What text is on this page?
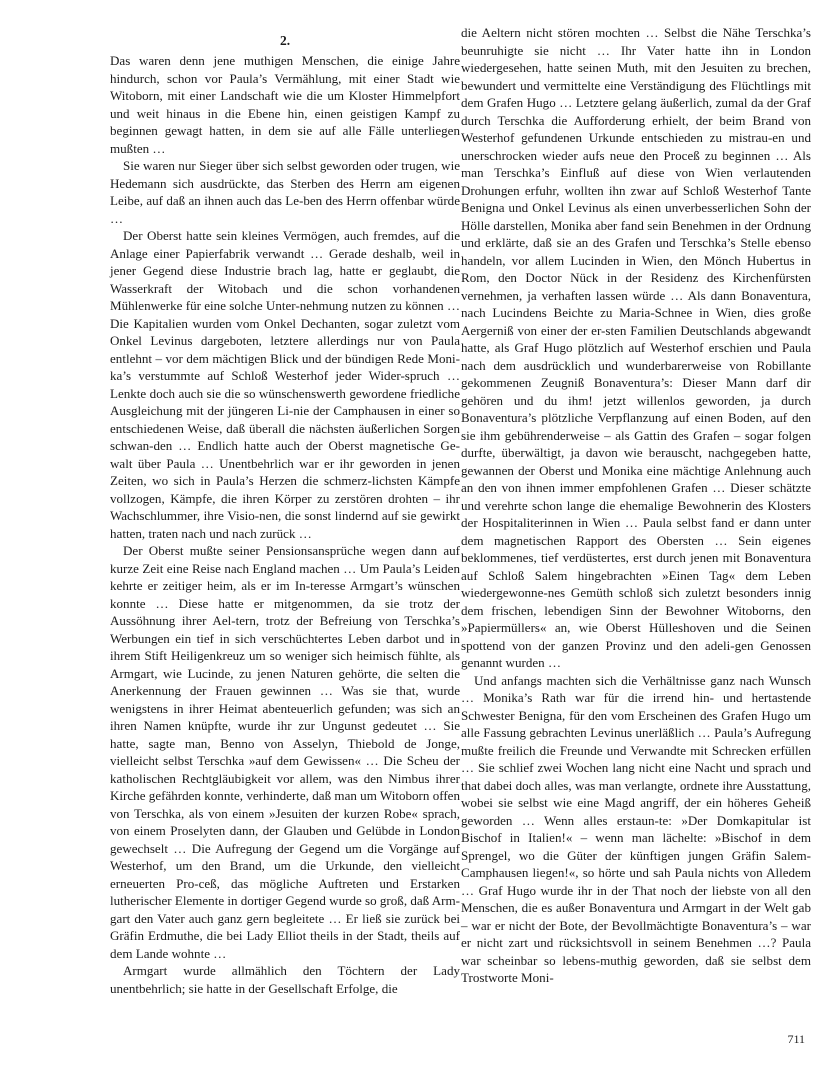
2.

Das waren denn jene muthigen Menschen, die einige Jahre hindurch, schon vor Paula’s Vermählung, mit einer Stadt wie Witoborn, mit einer Landschaft wie die um Kloster Himmelpfort und weit hinaus in die Ebene hin, einen geistigen Kampf zu beginnen gewagt hatten, in dem sie auf alle Fälle unterliegen mußten …

Sie waren nur Sieger über sich selbst geworden oder trugen, wie Hedemann sich ausdrückte, das Sterben des Herrn am eigenen Leibe, auf daß an ihnen auch das Le-ben des Herrn offenbar würde …

Der Oberst hatte sein kleines Vermögen, auch fremdes, auf die Anlage einer Papierfabrik verwandt … Gerade deshalb, weil in jener Gegend diese Industrie brach lag, hatte er geglaubt, die Wasserkraft der Witobach und die schon vorhandenen Mühlenwerke für eine solche Unter-nehmung nutzen zu können … Die Kapitalien wurden vom Onkel Dechanten, sogar zuletzt vom Onkel Levinus dargeboten, letztere allerdings nur von Paula entlehnt – vor dem mächtigen Blick und der bündigen Rede Moni-ka’s verstummte auf Schloß Westerhof jeder Wider-spruch … Lenkte doch auch sie die so wünschenswerth gewordene friedliche Ausgleichung mit der jüngeren Li-nie der Camphausen in einer so entschiedenen Weise, daß überall die nächsten äußerlichen Sorgen schwan-den … Endlich hatte auch der Oberst magnetische Ge-walt über Paula … Unentbehrlich war er ihr geworden in jenen Zeiten, wo sich in Paula’s Herzen die schmerz-lichsten Kämpfe vollzogen, Kämpfe, die ihren Körper zu zerstören drohten – ihr Wachschlummer, ihre Visio-nen, die sonst lindernd auf sie gewirkt hatten, traten nach und nach zurück …

Der Oberst mußte seiner Pensionsansprüche wegen dann auf kurze Zeit eine Reise nach England machen … Um Paula’s Leiden kehrte er zeitiger heim, als er im In-teresse Armgart’s wünschen konnte … Diese hatte er mitgenommen, da sie trotz der Aussöhnung ihrer Ael-tern, trotz der Befreiung von Terschka’s Werbungen ein tief in sich verschüchtertes Leben darbot und in ihrem Stift Heiligenkreuz um so weniger sich heimisch fühlte, als Armgart, wie Lucinde, zu jenen Naturen gehörte, die selten die Anerkennung der Frauen gewinnen … Was sie that, wurde wenigstens in ihrer Heimat abenteuerlich gefunden; was sich an ihren Namen knüpfte, wurde ihr zur Ungunst gedeutet … Sie hatte, sagte man, Benno von Asselyn, Thiebold de Jonge, vielleicht selbst Terschka »auf dem Gewissen« … Die Scheu der katholischen Rechtgläubigkeit vor allem, was den Nimbus ihrer Kirche gefährden konnte, verhinderte, daß man um Witoborn offen von Terschka, als von einem »Jesuiten der kurzen Robe« sprach, von einem Proselyten dann, der Glauben und Gelübde in London gewechselt … Die Aufregung der Gegend um die Vorgänge auf Westerhof, um den Brand, um die Urkunde, den vielleicht erneuerten Pro-ceß, das mögliche Auftreten und Erstarken lutherischer Elemente in dortiger Gegend wurde so groß, daß Arm-gart den Vater auch ganz gern begleitete … Er ließ sie zurück bei Gräfin Erdmuthe, die bei Lady Elliot theils in der Stadt, theils auf dem Lande wohnte …

Armgart wurde allmählich den Töchtern der Lady unentbehrlich; sie hatte in der Gesellschaft Erfolge, die

die Aeltern nicht stören mochten … Selbst die Nähe Terschka’s beunruhigte sie nicht … Ihr Vater hatte ihn in London wiedergesehen, hatte seinen Muth, mit den Jesuiten zu brechen, bewundert und vermittelte eine Verständigung des Flüchtlings mit dem Grafen Hugo … Letztere gelang äußerlich, zumal da der Graf durch Terschka die Aufforderung erhielt, der beim Brand von Westerhof gefundenen Urkunde entschieden zu mistrau-en und unerschrocken wieder aufs neue den Proceß zu beginnen … Als man Terschka’s Einfluß auf diese von Wien verlautenden Drohungen erfuhr, wollten ihn zwar auf Schloß Westerhof Tante Benigna und Onkel Levinus als einen unverbesserlichen Sohn der Hölle darstellen, Monika aber fand sein Benehmen in der Ordnung und erklärte, daß sie an des Grafen und Terschka’s Stelle ebenso handeln, vor allem Lucinden in Wien, den Mönch Hubertus in Rom, den Doctor Nück in der Residenz des Kirchenfürsten vernehmen, ja verhaften lassen würde … Als dann Bonaventura, nach Lucindens Beichte zu Maria-Schnee in Wien, dies große Aergerniß von einer der er-sten Familien Deutschlands abgewandt hatte, als Graf Hugo plötzlich auf Westerhof erschien und Paula nach dem ausdrücklich und wunderbarerweise von Robillante gekommenen Zeugniß Bonaventura’s: Dieser Mann darf dir gehören und du ihm! jetzt willenlos geworden, ja durch Bonaventura’s plötzliche Verpflanzung auf einen Boden, auf den sie ihm gebührenderweise – als Gattin des Grafen – sogar folgen durfte, überwältigt, ja davon wie berauscht, nachgegeben hatte, gewannen der Oberst und Monika eine mächtige Anlehnung auch an den von ihnen immer empfohlenen Grafen … Dieser schätzte und verehrte schon lange die ehemalige Bewohnerin des Klosters der Hospitaliterinnen in Wien … Paula selbst fand er dann unter dem magnetischen Rapport des Obersten … Sein eigenes beklommenes, tief verdüstertes, erst durch jenen mit Bonaventura auf Schloß Salem hingebrachten »Einen Tag« dem Leben wiedergewonne-nes Gemüth schloß sich zuletzt besonders innig dem frischen, lebendigen Sinn der Bewohner Witoborns, den »Papiermüllers« an, wie Oberst Hülleshoven und die Seinen spottend von der ganzen Provinz und den adeli-gen Genossen genannt wurden …

Und anfangs machten sich die Verhältnisse ganz nach Wunsch … Monika’s Rath war für die irrend hin- und hertastende Schwester Benigna, für den vom Erscheinen des Grafen Hugo um alle Fassung gebrachten Levinus unerläßlich … Paula’s Aufregung mußte freilich die Freunde und Verwandte mit Schrecken erfüllen … Sie schlief zwei Wochen lang nicht eine Nacht und sprach und that dabei doch alles, was man verlangte, ordnete ihre Ausstattung, wobei sie selbst wie eine Magd angriff, der ein höheres Geheiß geworden … Wenn alles erstaun-te: »Der Domkapitular ist Bischof in Italien!« – wenn man lächelte: »Bischof in dem Sprengel, wo die Güter der künftigen jungen Gräfin Salem-Camphausen liegen!«, so hörte und sah Paula nichts von Alledem … Graf Hugo wurde ihr in der That noch der liebste von all den Menschen, die es außer Bonaventura und Armgart in der Welt gab – war er nicht der Bote, der Bevollmächtigte Bonaventura’s – war er nicht zart und rücksichtsvoll in seinem Benehmen …? Paula war scheinbar so lebens-muthig geworden, daß sie selbst dem Trostworte Moni-

711
